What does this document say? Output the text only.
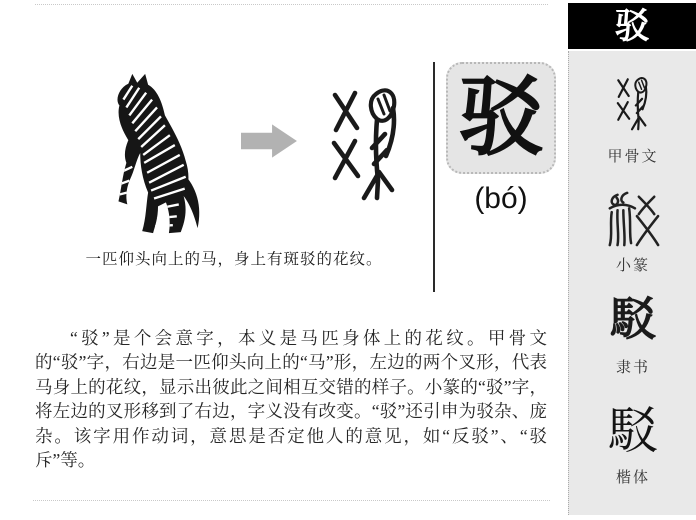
驳
(bó)
一匹仰头向上的马，身上有斑驳的花纹。

“驳”是个会意字，本义是马匹身体上的花纹。甲骨文的“驳”字，右边是一匹仰头向上的“马”形，左边的两个叉形，代表马身上的花纹，显示出彼此之间相互交错的样子。小篆的“驳”字，将左边的叉形移到了右边，字义没有改变。“驳”还引申为驳杂、庞杂。该字用作动词，意思是否定他人的意见，如“反驳”、“驳斥”等。

驳
甲骨文
小篆
駁
隶书
駁
楷体
